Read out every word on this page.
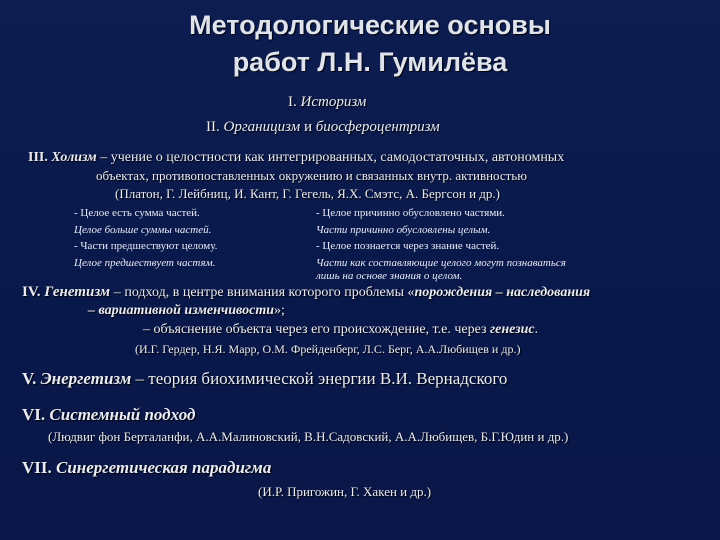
Методологические основы
работ Л.Н. Гумилёва
I. Историзм
II. Органицизм и биосфероцентризм
III. Холизм – учение о целостности как интегрированных, самодостаточных, автономных
объектах, противопоставленных окружению и связанных внутр. активностью
(Платон, Г. Лейбниц, И. Кант, Г. Гегель, Я.Х. Смэтс, А. Бергсон и др.)
- Целое есть сумма частей.
Целое больше суммы частей.
- Части предшествуют целому.
Целое предшествует частям.
- Целое причинно обусловлено частями.
Части причинно обусловлены целым.
- Целое познается через знание частей.
Части как составляющие целого могут познаваться
лишь на основе знания о целом.
IV. Генетизм – подход, в центре внимания которого проблемы «порождения – наследования
– вариативной изменчивости»;
– объяснение объекта через его происхождение, т.е. через генезис.
(И.Г. Гердер, Н.Я. Марр, О.М. Фрейденберг, Л.С. Берг, А.А.Любищев и др.)
V. Энергетизм – теория биохимической энергии В.И. Вернадского
VI. Системный подход
(Людвиг фон Берталанфи, А.А.Малиновский, В.Н.Садовский, А.А.Любищев, Б.Г.Юдин и др.)
VII. Синергетическая парадигма
(И.Р. Пригожин, Г. Хакен и др.)
